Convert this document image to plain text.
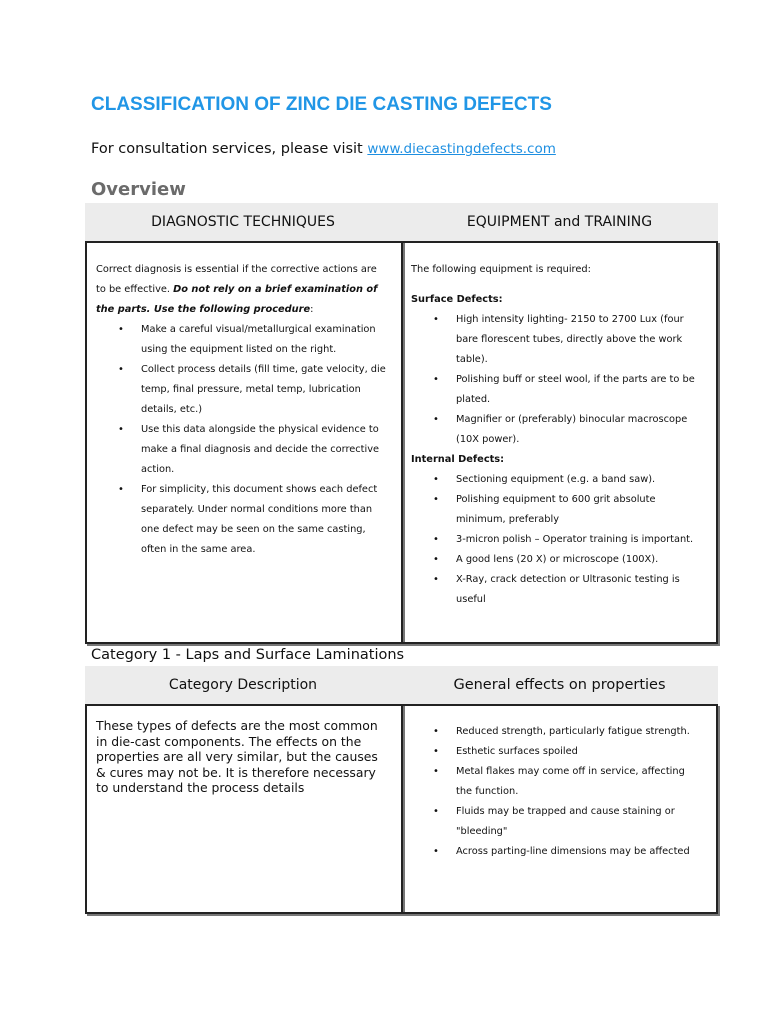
CLASSIFICATION OF ZINC DIE CASTING DEFECTS
For consultation services, please visit www.diecastingdefects.com
Overview
DIAGNOSTIC TECHNIQUES	EQUIPMENT and TRAINING

Correct diagnosis is essential if the corrective actions are to be effective. Do not rely on a brief examination of the parts. Use the following procedure:

• Make a careful visual/metallurgical examination using the equipment listed on the right.
• Collect process details (fill time, gate velocity, die temp, final pressure, metal temp, lubrication details, etc.)
• Use this data alongside the physical evidence to make a final diagnosis and decide the corrective action.
• For simplicity, this document shows each defect separately. Under normal conditions more than one defect may be seen on the same casting, often in the same area.

The following equipment is required:

Surface Defects:

• High intensity lighting- 2150 to 2700 Lux (four bare florescent tubes, directly above the work table).
• Polishing buff or steel wool, if the parts are to be plated.
• Magnifier or (preferably) binocular macroscope (10X power).

Internal Defects:

• Sectioning equipment (e.g. a band saw).
• Polishing equipment to 600 grit absolute minimum, preferably
• 3-micron polish – Operator training is important.
• A good lens (20 X) or microscope (100X).
• X-Ray, crack detection or Ultrasonic testing is useful
Category 1 - Laps and Surface Laminations
Category Description	General effects on properties
These types of defects are the most common in die-cast components. The effects on the properties are all very similar, but the causes & cures may not be. It is therefore necessary to understand the process details
• Reduced strength, particularly fatigue strength.
• Esthetic surfaces spoiled
• Metal flakes may come off in service, affecting the function.
• Fluids may be trapped and cause staining or "bleeding"
• Across parting-line dimensions may be affected
